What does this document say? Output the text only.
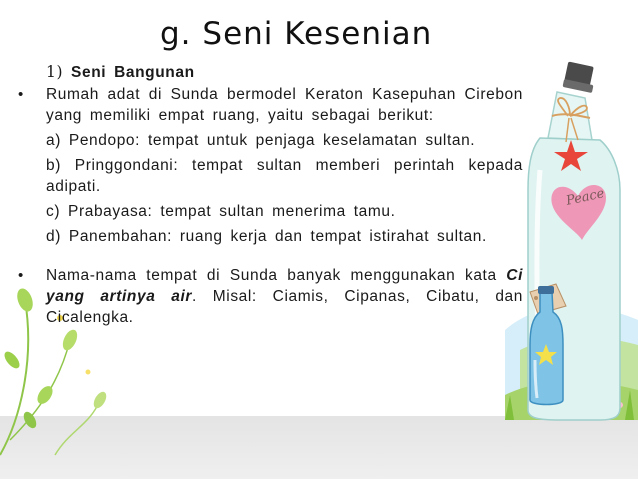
Peace
g. Seni Kesenian
1) Seni Bangunan
• Rumah adat di Sunda bermodel Keraton Kasepuhan Cirebon yang memiliki empat ruang, yaitu sebagai berikut:
a) Pendopo: tempat untuk penjaga keselamatan sultan.
b) Pringgondani: tempat sultan memberi perintah kepada adipati.
c) Prabayasa: tempat sultan menerima tamu.
d) Panembahan: ruang kerja dan tempat istirahat sultan.
• Nama-nama tempat di Sunda banyak menggunakan kata Ci yang artinya air. Misal: Ciamis, Cipanas, Cibatu, dan Cicalengka.
